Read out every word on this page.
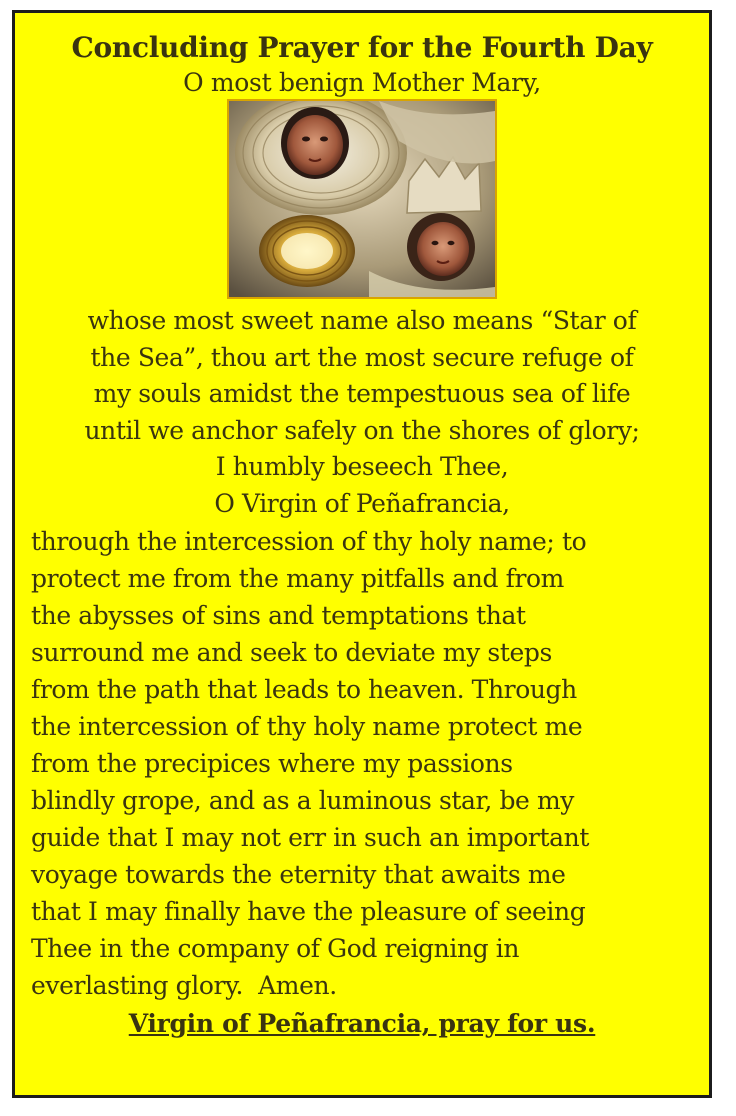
Concluding Prayer for the Fourth Day
O most benign Mother Mary,

whose most sweet name also means “Star of

the Sea”, thou art the most secure refuge of

my souls amidst the tempestuous sea of life

until we anchor safely on the shores of glory;

I humbly beseech Thee,

O Virgin of Peñafrancia,

through the intercession of thy holy name; to

protect me from the many pitfalls and from

the abysses of sins and temptations that

surround me and seek to deviate my steps

from the path that leads to heaven. Through

the intercession of thy holy name protect me

from the precipices where my passions

blindly grope, and as a luminous star, be my

guide that I may not err in such an important

voyage towards the eternity that awaits me

that I may finally have the pleasure of seeing

Thee in the company of God reigning in

everlasting glory.  Amen.

Virgin of Peñafrancia, pray for us.
